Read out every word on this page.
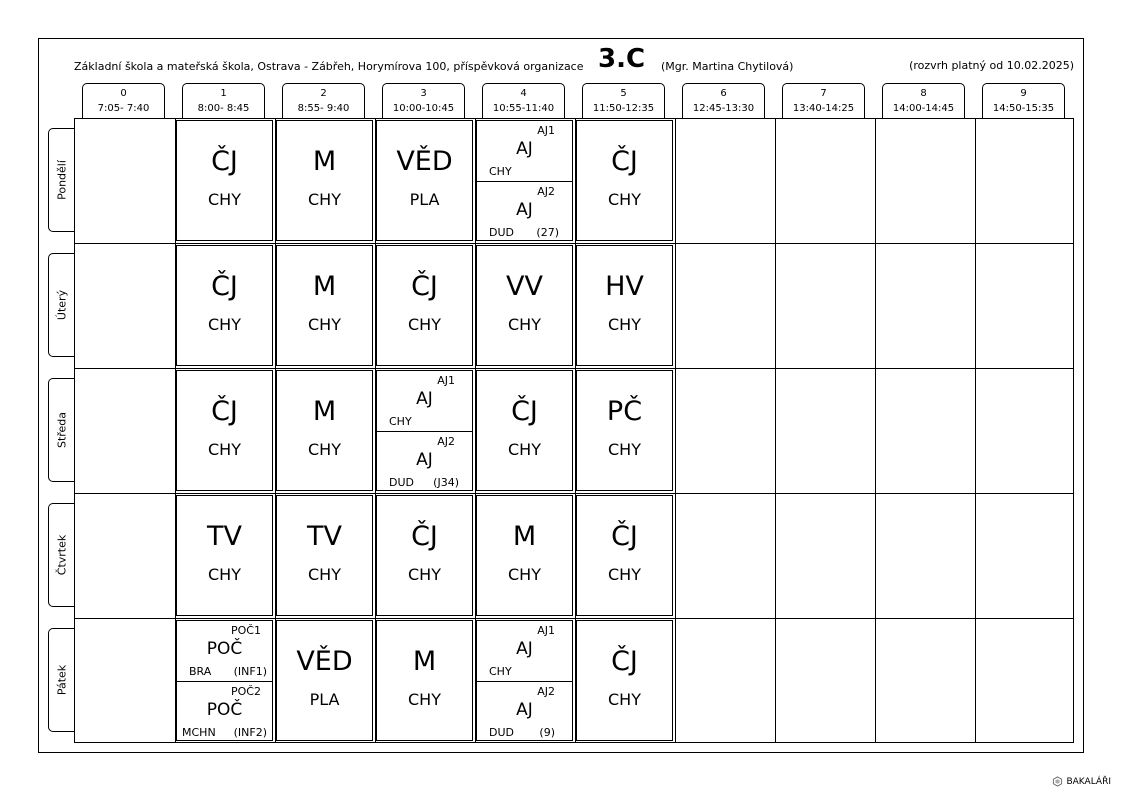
Základní škola a mateřská škola, Ostrava - Zábřeh, Horymírova 100, příspěvková organizace 3.C (Mgr. Martina Chytilová)	(rozvrh platný od 10.02.2025)
0
7:05- 7:40
1
8:00- 8:45
2
8:55- 9:40
3
10:00-10:45
4
10:55-11:40
5
11:50-12:35
6
12:45-13:30
7
13:40-14:25
8
14:00-14:45
9
14:50-15:35
Pondělí
Úterý
Středa
Čtvrtek
Pátek
ČJ
CHY
M
CHY
VĚD
PLA
AJ1
AJ
CHY
AJ2
AJ
DUD (27)
ČJ
CHY
ČJ
CHY
M
CHY
ČJ
CHY
VV
CHY
HV
CHY
ČJ
CHY
M
CHY
AJ1
AJ
CHY
AJ2
AJ
DUD (J34)
ČJ
CHY
PČ
CHY
TV
CHY
TV
CHY
ČJ
CHY
M
CHY
ČJ
CHY
POČ1
POČ
BRA (INF1)
POČ2
POČ
MCHN (INF2)
VĚD
PLA
M
CHY
AJ1
AJ
CHY
AJ2
AJ
DUD (9)
ČJ
CHY
BAKALÁŘI
